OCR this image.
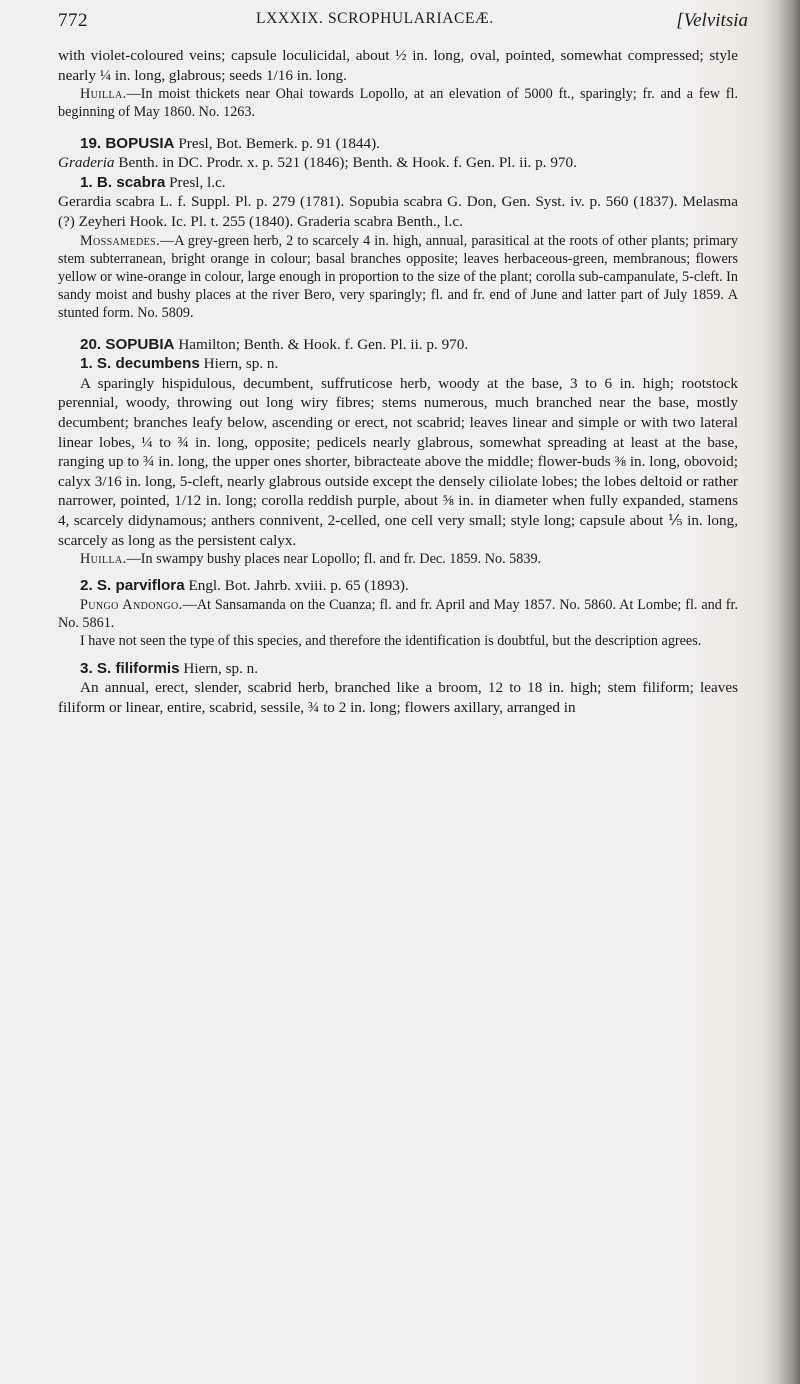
772	LXXXIX. SCROPHULARIACEÆ.	[Velvitsia

with violet-coloured veins; capsule loculicidal, about ½ in. long, oval, pointed, somewhat compressed; style nearly ¼ in. long, glabrous; seeds 1/16 in. long.

Huilla.—In moist thickets near Ohai towards Lopollo, at an elevation of 5000 ft., sparingly; fr. and a few fl. beginning of May 1860. No. 1263.

19. BOPUSIA Presl, Bot. Bemerk. p. 91 (1844).

Graderia Benth. in DC. Prodr. x. p. 521 (1846); Benth. & Hook. f. Gen. Pl. ii. p. 970.

1. B. scabra Presl, l.c.

Gerardia scabra L. f. Suppl. Pl. p. 279 (1781). Sopubia scabra G. Don, Gen. Syst. iv. p. 560 (1837). Melasma (?) Zeyheri Hook. Ic. Pl. t. 255 (1840). Graderia scabra Benth., l.c.

Mossamedes.—A grey-green herb, 2 to scarcely 4 in. high, annual, parasitical at the roots of other plants; primary stem subterranean, bright orange in colour; basal branches opposite; leaves herbaceous-green, membranous; flowers yellow or wine-orange in colour, large enough in proportion to the size of the plant; corolla sub-campanulate, 5-cleft. In sandy moist and bushy places at the river Bero, very sparingly; fl. and fr. end of June and latter part of July 1859. A stunted form. No. 5809.

20. SOPUBIA Hamilton; Benth. & Hook. f. Gen. Pl. ii. p. 970.

1. S. decumbens Hiern, sp. n.

A sparingly hispidulous, decumbent, suffruticose herb, woody at the base, 3 to 6 in. high; rootstock perennial, woody, throwing out long wiry fibres; stems numerous, much branched near the base, mostly decumbent; branches leafy below, ascending or erect, not scabrid; leaves linear and simple or with two lateral linear lobes, ¼ to ¾ in. long, opposite; pedicels nearly glabrous, somewhat spreading at least at the base, ranging up to ¾ in. long, the upper ones shorter, bibracteate above the middle; flower-buds ⅜ in. long, obovoid; calyx 3/16 in. long, 5-cleft, nearly glabrous outside except the densely ciliolate lobes; the lobes deltoid or rather narrower, pointed, 1/12 in. long; corolla reddish purple, about ⅝ in. in diameter when fully expanded, stamens 4, scarcely didynamous; anthers connivent, 2-celled, one cell very small; style long; capsule about ⅕ in. long, scarcely as long as the persistent calyx.

Huilla.—In swampy bushy places near Lopollo; fl. and fr. Dec. 1859. No. 5839.

2. S. parviflora Engl. Bot. Jahrb. xviii. p. 65 (1893).

Pungo Andongo.—At Sansamanda on the Cuanza; fl. and fr. April and May 1857. No. 5860. At Lombe; fl. and fr. No. 5861.

I have not seen the type of this species, and therefore the identification is doubtful, but the description agrees.

3. S. filiformis Hiern, sp. n.

An annual, erect, slender, scabrid herb, branched like a broom, 12 to 18 in. high; stem filiform; leaves filiform or linear, entire, scabrid, sessile, ¾ to 2 in. long; flowers axillary, arranged in
